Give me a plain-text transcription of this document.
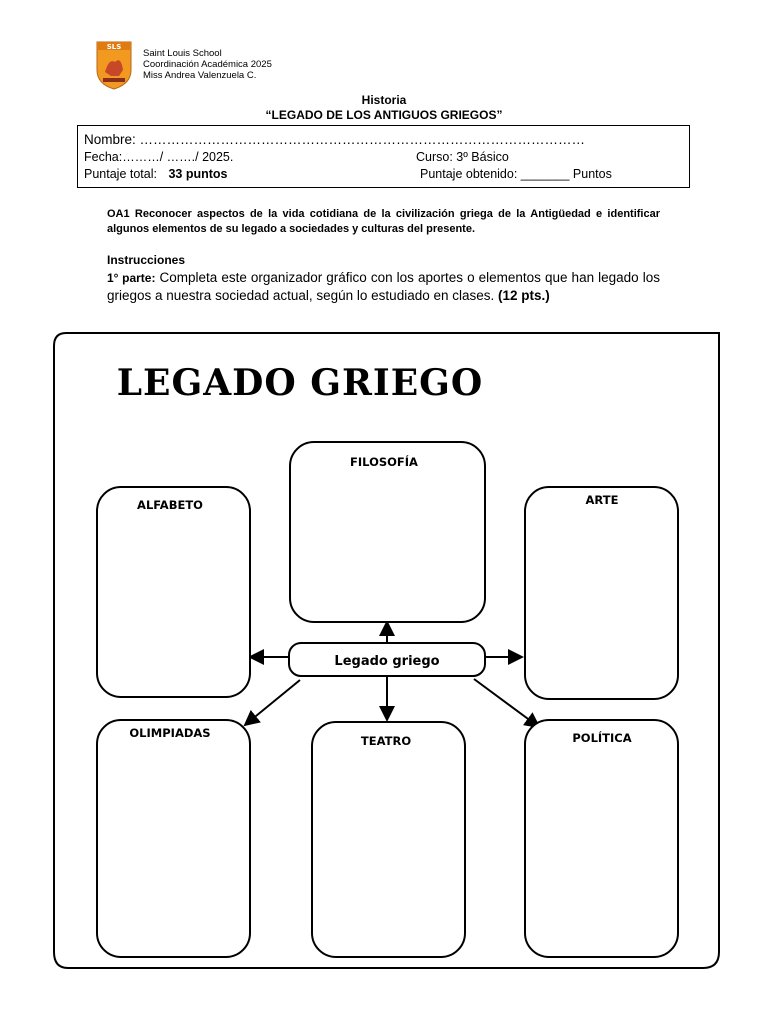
SLS
Saint Louis School
Coordinación Académica 2025
Miss Andrea Valenzuela C.
Historia
“LEGADO DE LOS ANTIGUOS GRIEGOS”
Nombre: ………………………………………………………………………………………
Fecha:………/ ……./ 2025.	Curso: 3º Básico
Puntaje total: 33 puntos	Puntaje obtenido: _______ Puntos
OA1 Reconocer aspectos de la vida cotidiana de la civilización griega de la Antigüedad e identificar algunos elementos de su legado a sociedades y culturas del presente.
Instrucciones
1° parte: Completa este organizador gráfico con los aportes o elementos que han legado los griegos a nuestra sociedad actual, según lo estudiado en clases. (12 pts.)
LEGADO GRIEGO
Legado griego
FILOSOFÍA
ALFABETO	ARTE
OLIMPIADAS
TEATRO	POLÍTICA
